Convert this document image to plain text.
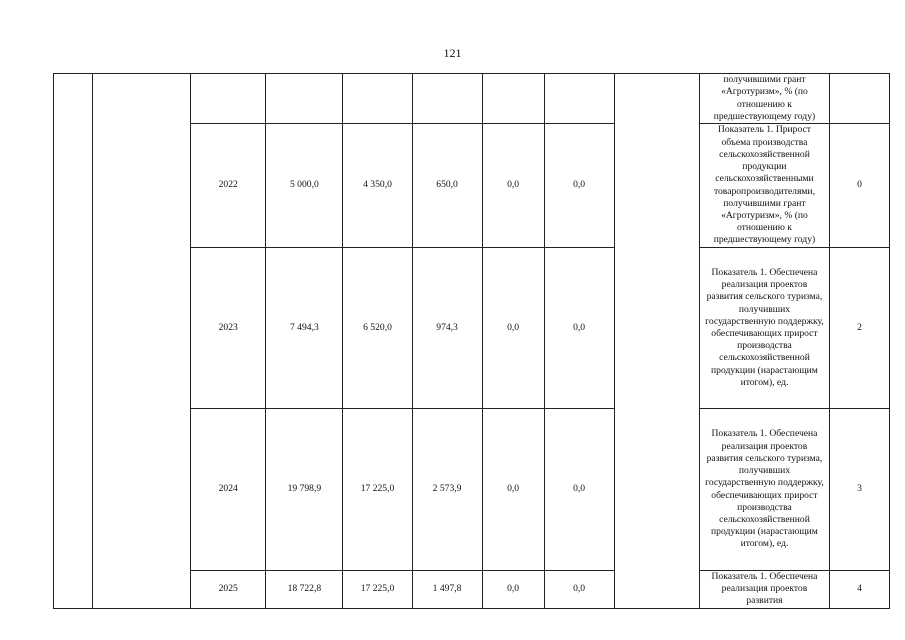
121
									получившими грант «Агротуризм», % (по отношению к предшествующему году)	
		2022	5 000,0	4 350,0	650,0	0,0	0,0		Показатель 1. Прирост объема производства сельскохозяйственной продукции сельскохозяйственными товаропроизводителями, получившими грант «Агротуризм», % (по отношению к предшествующему году)	0
		2023	7 494,3	6 520,0	974,3	0,0	0,0		Показатель 1. Обеспечена реализация проектов развития сельского туризма, получивших государственную поддержку, обеспечивающих прирост производства сельскохозяйственной продукции (нарастающим итогом), ед.	2
		2024	19 798,9	17 225,0	2 573,9	0,0	0,0		Показатель 1. Обеспечена реализация проектов развития сельского туризма, получивших государственную поддержку, обеспечивающих прирост производства сельскохозяйственной продукции (нарастающим итогом), ед.	3
		2025	18 722,8	17 225,0	1 497,8	0,0	0,0		Показатель 1. Обеспечена реализация проектов развития	4
